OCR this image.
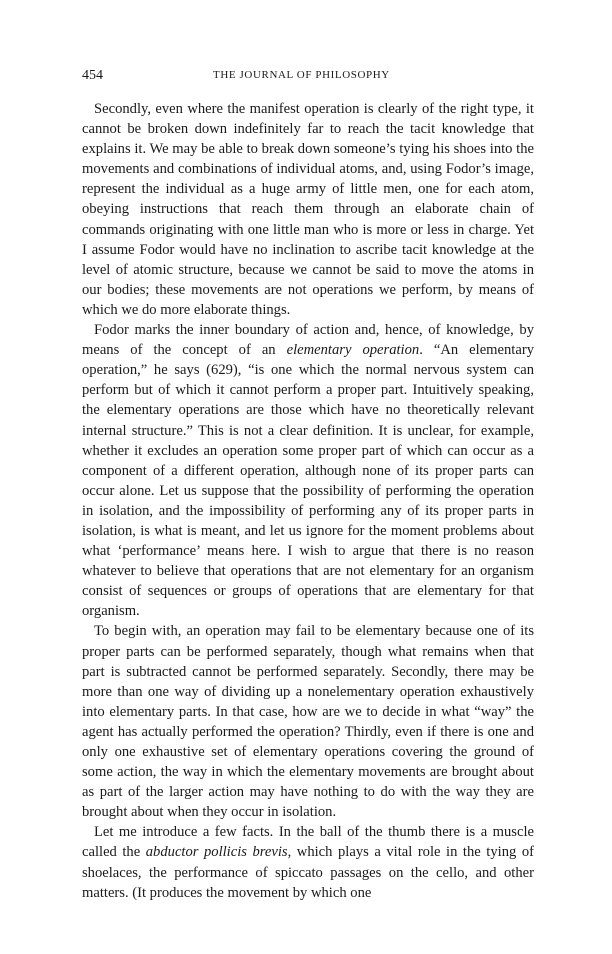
454	THE JOURNAL OF PHILOSOPHY

Secondly, even where the manifest operation is clearly of the right type, it cannot be broken down indefinitely far to reach the tacit knowledge that explains it. We may be able to break down someone’s tying his shoes into the movements and combinations of individual atoms, and, using Fodor’s image, represent the individual as a huge army of little men, one for each atom, obeying instructions that reach them through an elaborate chain of commands originating with one little man who is more or less in charge. Yet I assume Fodor would have no inclination to ascribe tacit knowledge at the level of atomic structure, because we cannot be said to move the atoms in our bodies; these movements are not operations we perform, by means of which we do more elaborate things.

Fodor marks the inner boundary of action and, hence, of knowledge, by means of the concept of an elementary operation. “An elementary operation,” he says (629), “is one which the normal nervous system can perform but of which it cannot perform a proper part. Intuitively speaking, the elementary operations are those which have no theoretically relevant internal structure.” This is not a clear definition. It is unclear, for example, whether it excludes an operation some proper part of which can occur as a component of a different operation, although none of its proper parts can occur alone. Let us suppose that the possibility of performing the operation in isolation, and the impossibility of performing any of its proper parts in isolation, is what is meant, and let us ignore for the moment problems about what ‘performance’ means here. I wish to argue that there is no reason whatever to believe that operations that are not elementary for an organism consist of sequences or groups of operations that are elementary for that organism.

To begin with, an operation may fail to be elementary because one of its proper parts can be performed separately, though what remains when that part is subtracted cannot be performed separately. Secondly, there may be more than one way of dividing up a nonelementary operation exhaustively into elementary parts. In that case, how are we to decide in what “way” the agent has actually performed the operation? Thirdly, even if there is one and only one exhaustive set of elementary operations covering the ground of some action, the way in which the elementary movements are brought about as part of the larger action may have nothing to do with the way they are brought about when they occur in isolation.

Let me introduce a few facts. In the ball of the thumb there is a muscle called the abductor pollicis brevis, which plays a vital role in the tying of shoelaces, the performance of spiccato passages on the cello, and other matters. (It produces the movement by which one
